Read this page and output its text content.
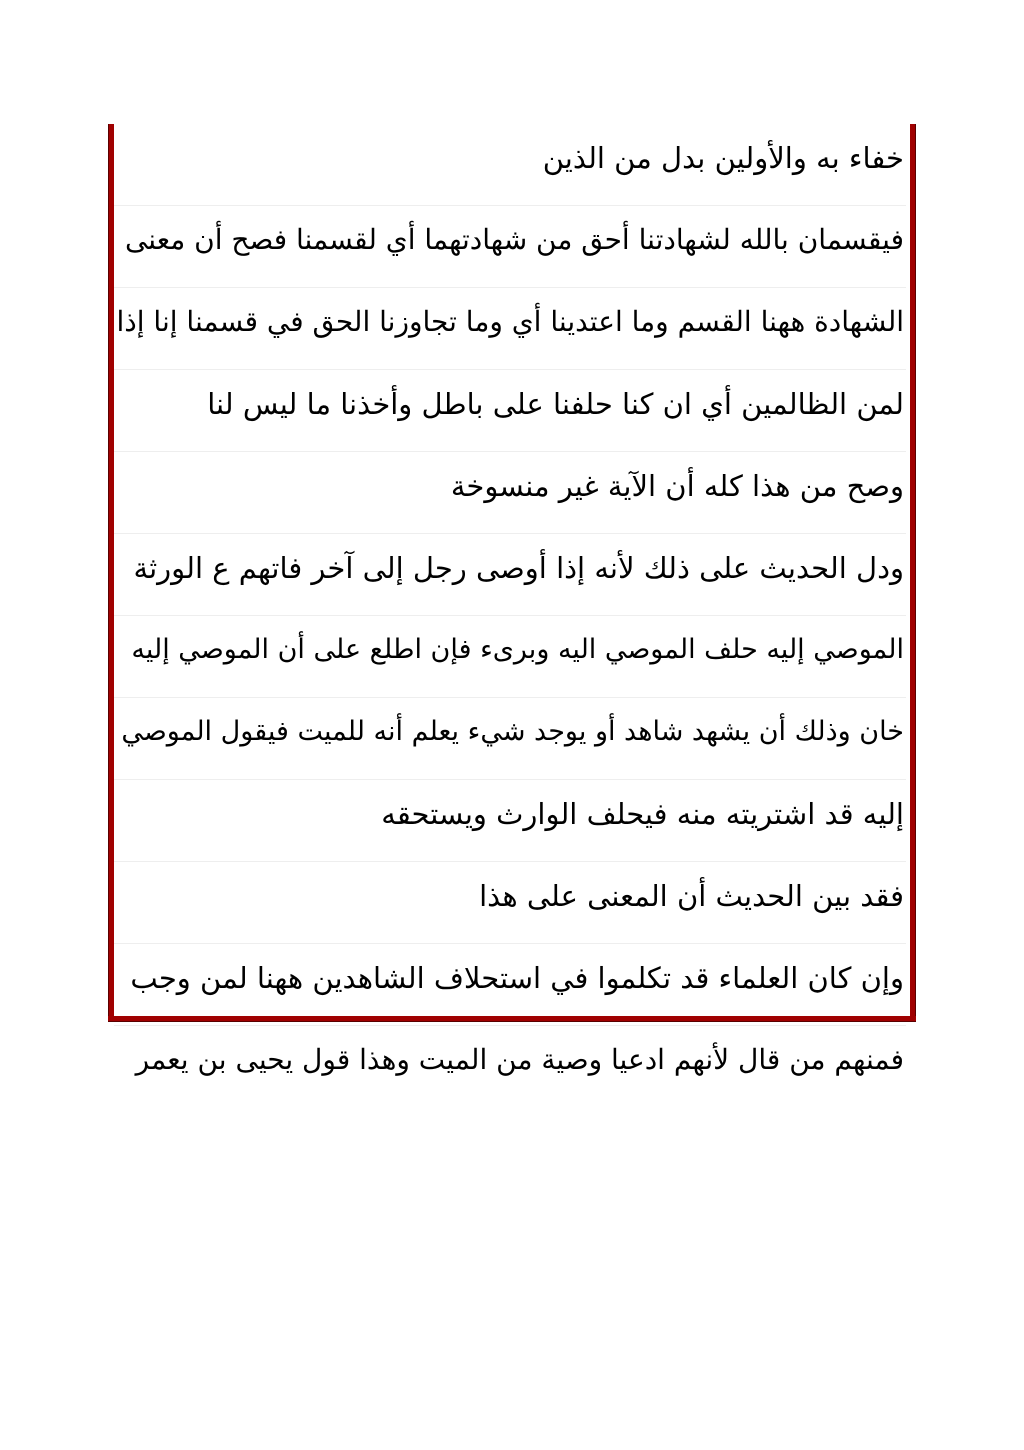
خفاء به والأولين بدل من الذين
فيقسمان بالله لشهادتنا أحق من شهادتهما أي لقسمنا فصح أن معنى
الشهادة ههنا القسم وما اعتدينا أي وما تجاوزنا الحق في قسمنا إنا إذا
لمن الظالمين أي ان كنا حلفنا على باطل وأخذنا ما ليس لنا
وصح من هذا كله أن الآية غير منسوخة
ودل الحديث على ذلك لأنه إذا أوصى رجل إلى آخر فاتهم ع الورثة
الموصي إليه حلف الموصي اليه وبرىء فإن اطلع على أن الموصي إليه
خان وذلك أن يشهد شاهد أو يوجد شيء يعلم أنه للميت فيقول الموصي
إليه قد اشتريته منه فيحلف الوارث ويستحقه
فقد بين الحديث أن المعنى على هذا
وإن كان العلماء قد تكلموا في استحلاف الشاهدين ههنا لمن وجب
فمنهم من قال لأنهم ادعيا وصية من الميت وهذا قول يحيى بن يعمر
